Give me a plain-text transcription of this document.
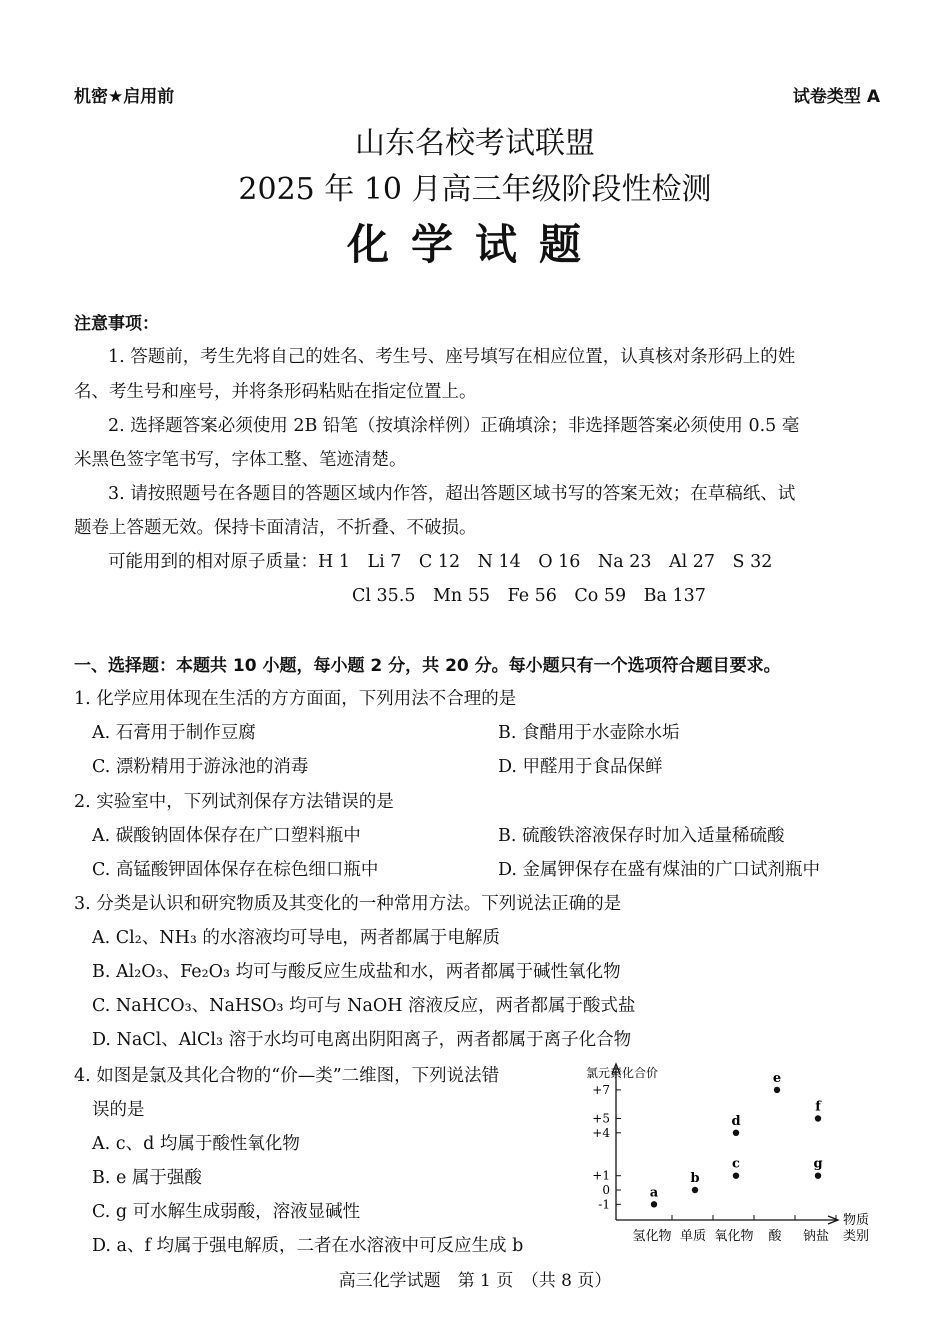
机密★启用前	试卷类型 A
山东名校考试联盟
2025 年 10 月高三年级阶段性检测
化学试题
注意事项：
1. 答题前，考生先将自己的姓名、考生号、座号填写在相应位置，认真核对条形码上的姓
名、考生号和座号，并将条形码粘贴在指定位置上。
2. 选择题答案必须使用 2B 铅笔（按填涂样例）正确填涂；非选择题答案必须使用 0.5 毫
米黑色签字笔书写，字体工整、笔迹清楚。
3. 请按照题号在各题目的答题区域内作答，超出答题区域书写的答案无效；在草稿纸、试
题卷上答题无效。保持卡面清洁，不折叠、不破损。
可能用到的相对原子质量：H 1　Li 7　C 12　N 14　O 16　Na 23　Al 27　S 32
Cl 35.5　Mn 55　Fe 56　Co 59　Ba 137
一、选择题：本题共 10 小题，每小题 2 分，共 20 分。每小题只有一个选项符合题目要求。
1. 化学应用体现在生活的方方面面，下列用法不合理的是
A. 石膏用于制作豆腐	B. 食醋用于水壶除水垢
C. 漂粉精用于游泳池的消毒	D. 甲醛用于食品保鲜
2. 实验室中，下列试剂保存方法错误的是
A. 碳酸钠固体保存在广口塑料瓶中	B. 硫酸铁溶液保存时加入适量稀硫酸
C. 高锰酸钾固体保存在棕色细口瓶中	D. 金属钾保存在盛有煤油的广口试剂瓶中
3. 分类是认识和研究物质及其变化的一种常用方法。下列说法正确的是
A. Cl₂、NH₃ 的水溶液均可导电，两者都属于电解质
B. Al₂O₃、Fe₂O₃ 均可与酸反应生成盐和水，两者都属于碱性氧化物
C. NaHCO₃、NaHSO₃ 均可与 NaOH 溶液反应，两者都属于酸式盐
D. NaCl、AlCl₃ 溶于水均可电离出阴阳离子，两者都属于离子化合物
4. 如图是氯及其化合物的“价—类”二维图，下列说法错
误的是
A. c、d 均属于酸性氧化物
B. e 属于强酸
C. g 可水解生成弱酸，溶液显碱性
D. a、f 均属于强电解质，二者在水溶液中可反应生成 b
氯元素化合价
+7
+5
+4
+1
0
-1
氢化物 单质 氧化物 酸 钠盐
物质
类别
a
b
c
d
e
f
g
高三化学试题　第 1 页　（共 8 页）
